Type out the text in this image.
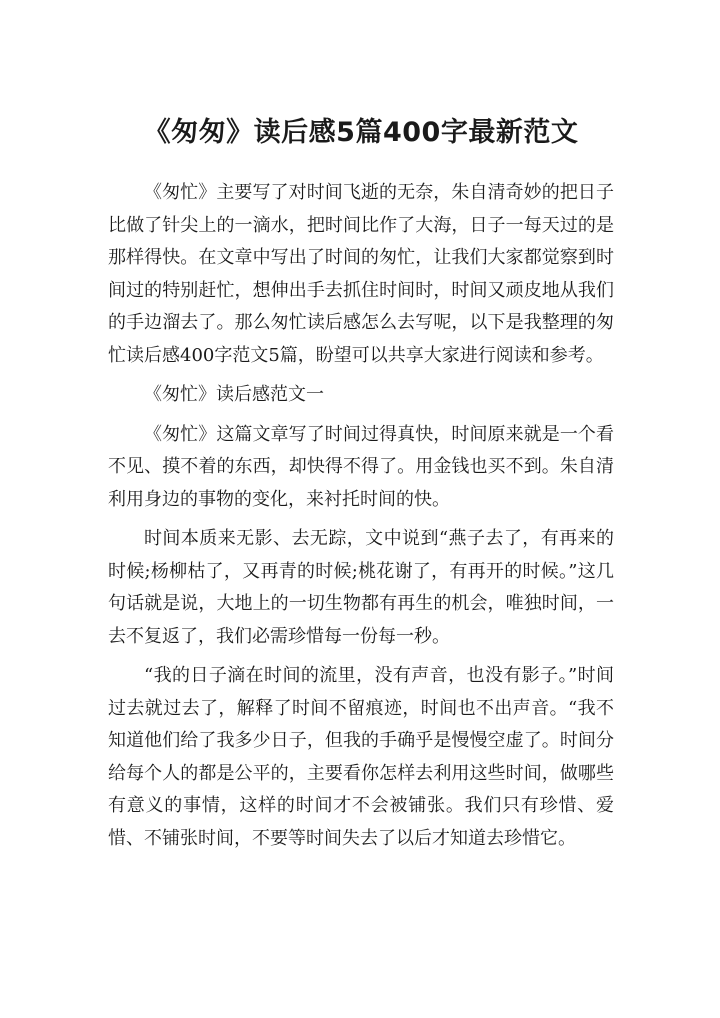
《匆匆》读后感5篇400字最新范文

《匆忙》主要写了对时间飞逝的无奈，朱自清奇妙的把日子比做了针尖上的一滴水，把时间比作了大海，日子一每天过的是那样得快。在文章中写出了时间的匆忙，让我们大家都觉察到时间过的特别赶忙，想伸出手去抓住时间时，时间又顽皮地从我们的手边溜去了。那么匆忙读后感怎么去写呢，以下是我整理的匆忙读后感400字范文5篇，盼望可以共享大家进行阅读和参考。

《匆忙》读后感范文一

《匆忙》这篇文章写了时间过得真快，时间原来就是一个看不见、摸不着的东西，却快得不得了。用金钱也买不到。朱自清利用身边的事物的变化，来衬托时间的快。

时间本质来无影、去无踪，文中说到“燕子去了，有再来的时候;杨柳枯了，又再青的时候;桃花谢了，有再开的时候。”这几句话就是说，大地上的一切生物都有再生的机会，唯独时间，一去不复返了，我们必需珍惜每一份每一秒。

“我的日子滴在时间的流里，没有声音，也没有影子。”时间过去就过去了，解释了时间不留痕迹，时间也不出声音。“我不知道他们给了我多少日子，但我的手确乎是慢慢空虚了。时间分给每个人的都是公平的，主要看你怎样去利用这些时间，做哪些有意义的事情，这样的时间才不会被铺张。我们只有珍惜、爱惜、不铺张时间，不要等时间失去了以后才知道去珍惜它。
